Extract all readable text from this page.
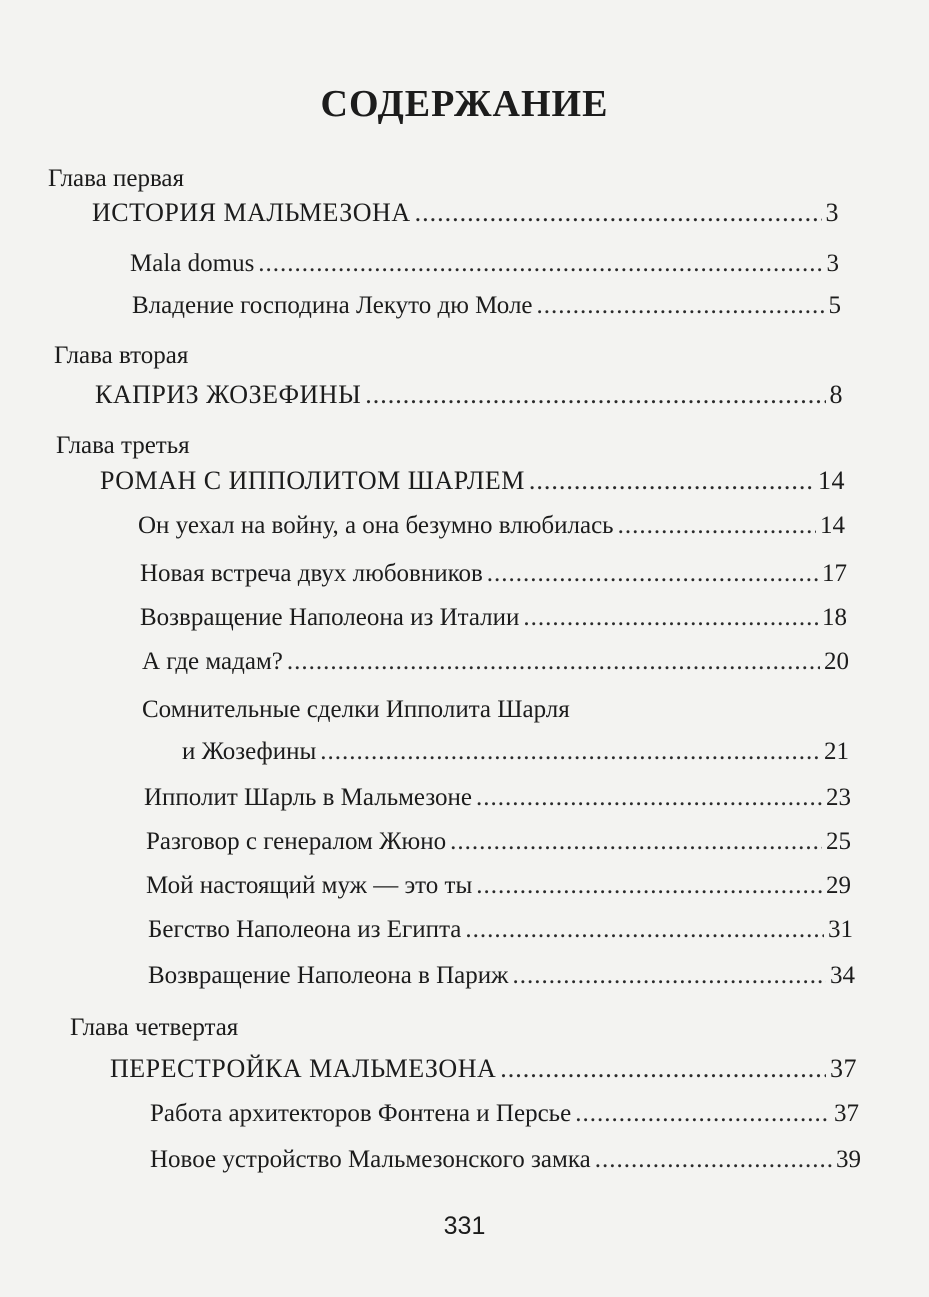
СОДЕРЖАНИЕ
Глава первая
ИСТОРИЯ МАЛЬМЕЗОНА .....	3
Mala domus .....	3
Владение господина Лекуто дю Моле .....	5
Глава вторая
КАПРИЗ ЖОЗЕФИНЫ .....	8
Глава третья
РОМАН С ИППОЛИТОМ ШАРЛЕМ .....	14
Он уехал на войну, а она безумно влюбилась .....	14
Новая встреча двух любовников .....	17
Возвращение Наполеона из Италии .....	18
А где мадам? .....	20
Сомнительные сделки Ипполита Шарля
и Жозефины .....	21
Ипполит Шарль в Мальмезоне .....	23
Разговор с генералом Жюно .....	25
Мой настоящий муж — это ты .....	29
Бегство Наполеона из Египта .....	31
Возвращение Наполеона в Париж .....	34
Глава четвертая
ПЕРЕСТРОЙКА МАЛЬМЕЗОНА .....	37
Работа архитекторов Фонтена и Персье .....	37
Новое устройство Мальмезонского замка .....	39
331
